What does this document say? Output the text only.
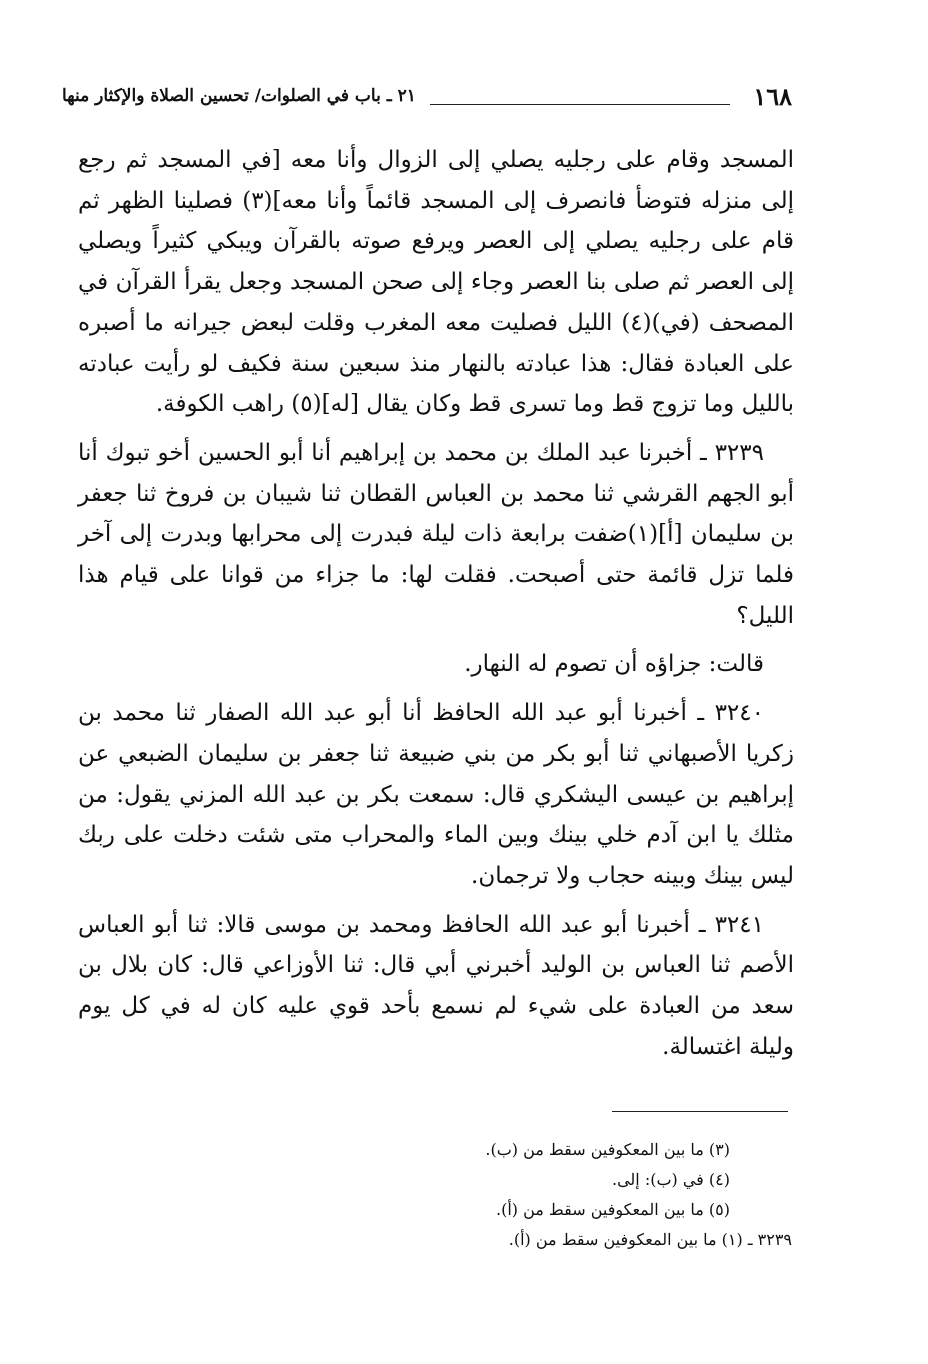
١٦٨
٢١ ـ باب في الصلوات/ تحسين الصلاة والإكثار منها

المسجد وقام على رجليه يصلي إلى الزوال وأنا معه [في المسجد ثم رجع إلى منزله فتوضأ فانصرف إلى المسجد قائماً وأنا معه](٣) فصلينا الظهر ثم قام على رجليه يصلي إلى العصر ويرفع صوته بالقرآن ويبكي كثيراً ويصلي إلى العصر ثم صلى بنا العصر وجاء إلى صحن المسجد وجعل يقرأ القرآن في المصحف (في)(٤) الليل فصليت معه المغرب وقلت لبعض جيرانه ما أصبره على العبادة فقال: هذا عبادته بالنهار منذ سبعين سنة فكيف لو رأيت عبادته بالليل وما تزوج قط وما تسرى قط وكان يقال [له](٥) راهب الكوفة.

٣٢٣٩ ـ أخبرنا عبد الملك بن محمد بن إبراهيم أنا أبو الحسين أخو تبوك أنا أبو الجهم القرشي ثنا محمد بن العباس القطان ثنا شيبان بن فروخ ثنا جعفر بن سليمان [أ](١)ضفت برابعة ذات ليلة فبدرت إلى محرابها وبدرت إلى آخر فلما تزل قائمة حتى أصبحت. فقلت لها: ما جزاء من قوانا على قيام هذا الليل؟

قالت: جزاؤه أن تصوم له النهار.

٣٢٤٠ ـ أخبرنا أبو عبد الله الحافظ أنا أبو عبد الله الصفار ثنا محمد بن زكريا الأصبهاني ثنا أبو بكر من بني ضبيعة ثنا جعفر بن سليمان الضبعي عن إبراهيم بن عيسى اليشكري قال: سمعت بكر بن عبد الله المزني يقول: من مثلك يا ابن آدم خلي بينك وبين الماء والمحراب متى شئت دخلت على ربك ليس بينك وبينه حجاب ولا ترجمان.

٣٢٤١ ـ أخبرنا أبو عبد الله الحافظ ومحمد بن موسى قالا: ثنا أبو العباس الأصم ثنا العباس بن الوليد أخبرني أبي قال: ثنا الأوزاعي قال: كان بلال بن سعد من العبادة على شيء لم نسمع بأحد قوي عليه كان له في كل يوم وليلة اغتسالة.

(٣) ما بين المعكوفين سقط من (ب).
(٤) في (ب): إلى.
(٥) ما بين المعكوفين سقط من (أ).
٣٢٣٩ ـ (١) ما بين المعكوفين سقط من (أ).
